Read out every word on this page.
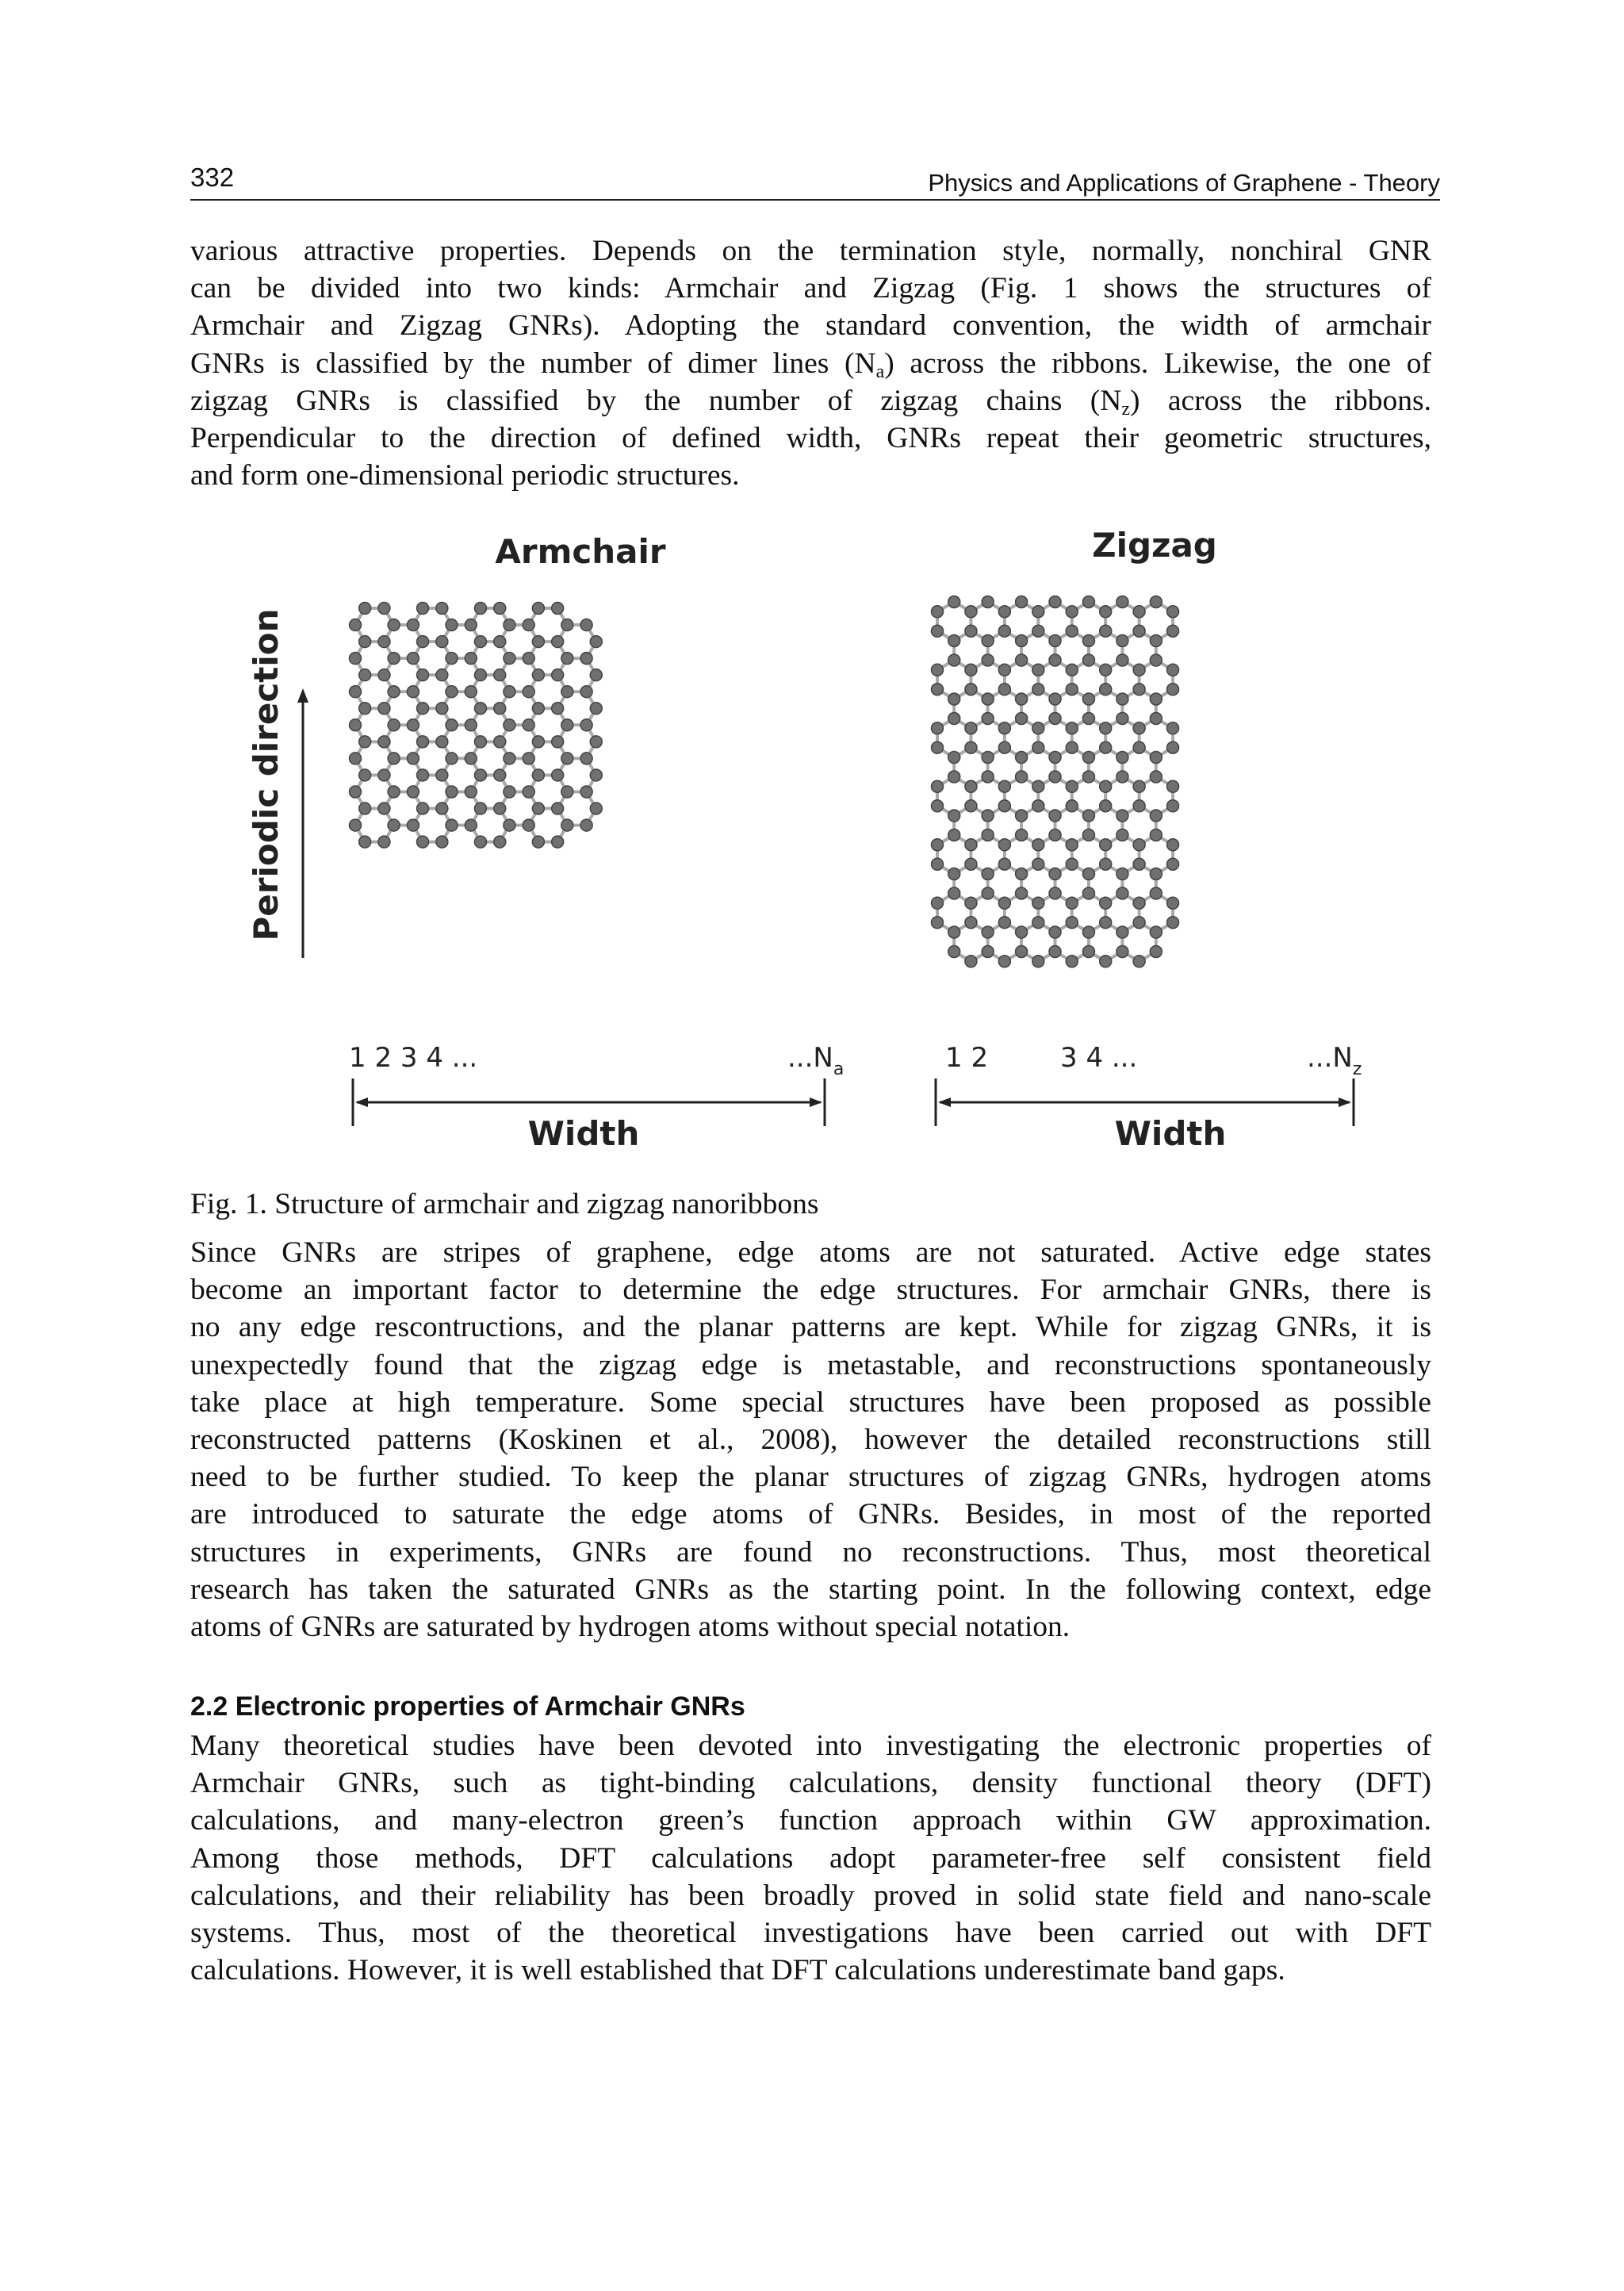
332	Physics and Applications of Graphene - Theory
various attractive properties. Depends on the termination style, normally, nonchiral GNR
can be divided into two kinds: Armchair and Zigzag (Fig. 1 shows the structures of
Armchair and Zigzag GNRs). Adopting the standard convention, the width of armchair
GNRs is classified by the number of dimer lines $(N_a)$ across the ribbons. Likewise, the one of
zigzag GNRs is classified by the number of zigzag chains $(N_z)$ across the ribbons.
Perpendicular to the direction of defined width, GNRs repeat their geometric structures,
and form one-dimensional periodic structures.
Armchair	Zigzag
Periodic direction
1 2 3 4 ...	$...N_a$	1 2	3 4 ...	$...N_z$
Width	Width
Fig. 1. Structure of armchair and zigzag nanoribbons
Since GNRs are stripes of graphene, edge atoms are not saturated. Active edge states
become an important factor to determine the edge structures. For armchair GNRs, there is
no any edge rescontructions, and the planar patterns are kept. While for zigzag GNRs, it is
unexpectedly found that the zigzag edge is metastable, and reconstructions spontaneously
take place at high temperature. Some special structures have been proposed as possible
reconstructed patterns (Koskinen et al., 2008), however the detailed reconstructions still
need to be further studied. To keep the planar structures of zigzag GNRs, hydrogen atoms
are introduced to saturate the edge atoms of GNRs. Besides, in most of the reported
structures in experiments, GNRs are found no reconstructions. Thus, most theoretical
research has taken the saturated GNRs as the starting point. In the following context, edge
atoms of GNRs are saturated by hydrogen atoms without special notation.
2.2 Electronic properties of Armchair GNRs
Many theoretical studies have been devoted into investigating the electronic properties of
Armchair GNRs, such as tight-binding calculations, density functional theory (DFT)
calculations, and many-electron green’s function approach within GW approximation.
Among those methods, DFT calculations adopt parameter-free self consistent field
calculations, and their reliability has been broadly proved in solid state field and nano-scale
systems. Thus, most of the theoretical investigations have been carried out with DFT
calculations. However, it is well established that DFT calculations underestimate band gaps.
